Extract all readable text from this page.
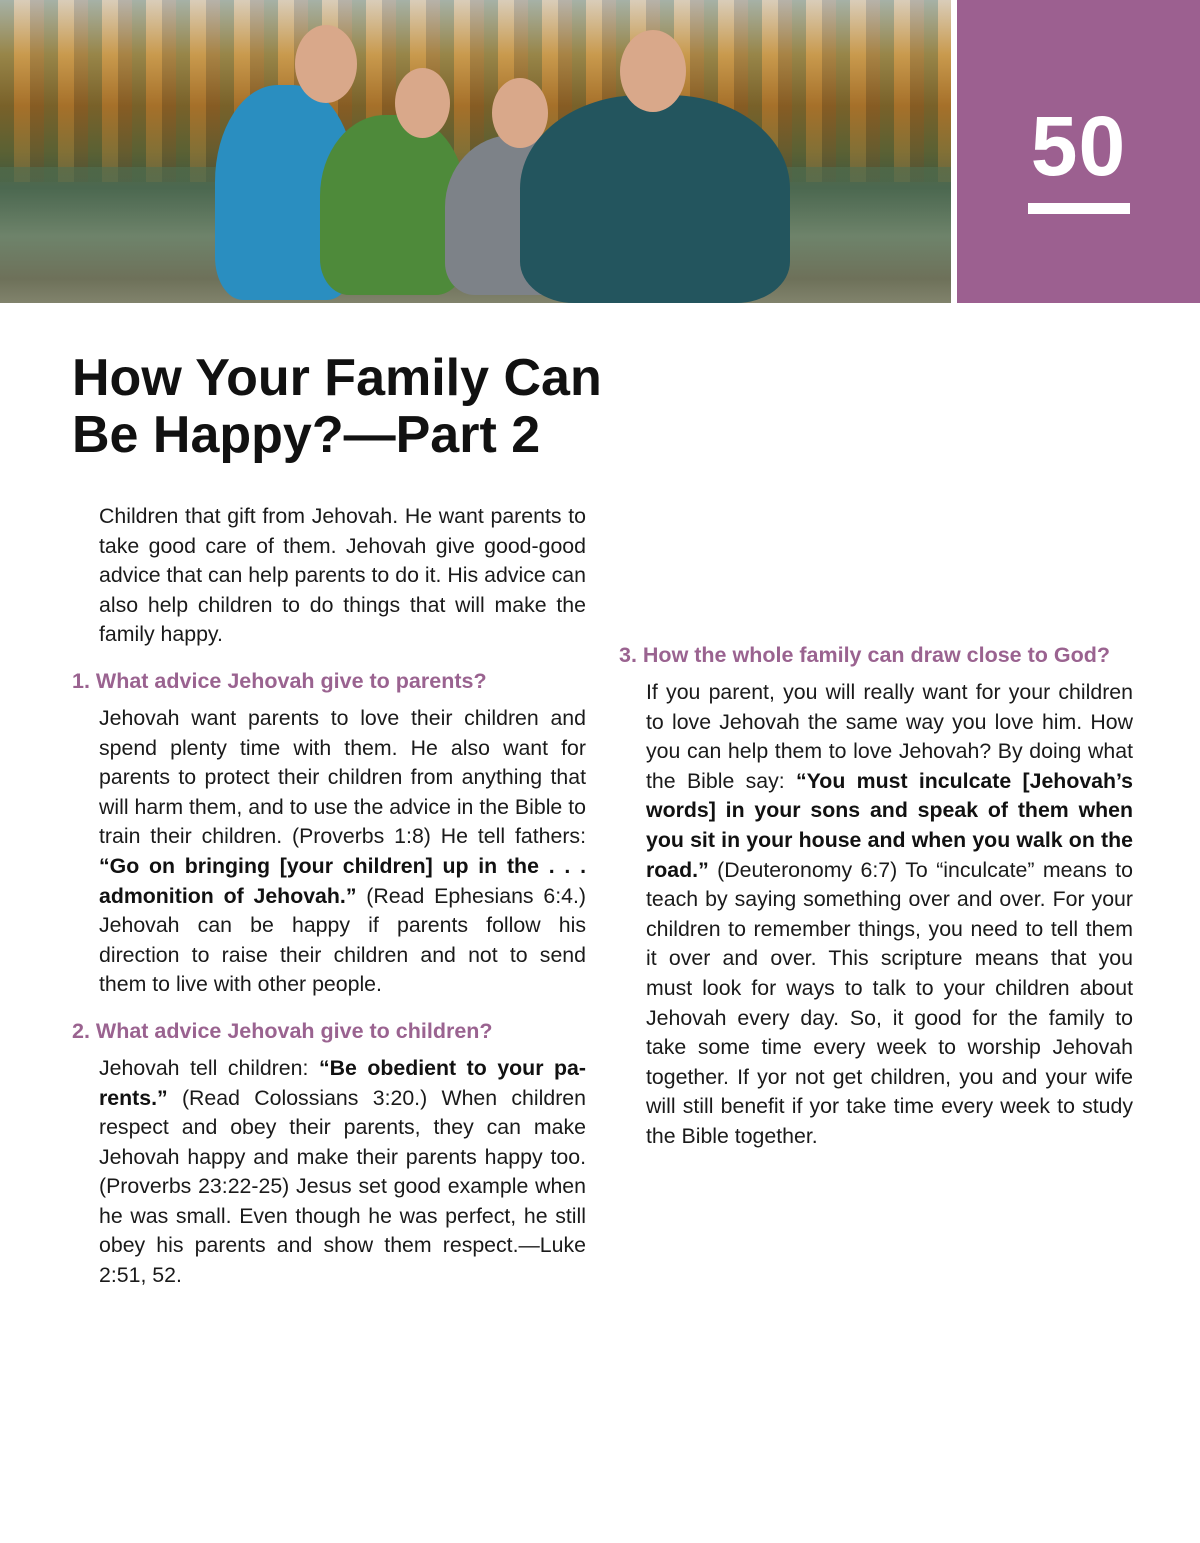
50
How Your Family Can Be Happy?—Part 2

Children that gift from Jehovah. He want parents to take good care of them. Jehovah give good-good advice that can help parents to do it. His advice can also help children to do things that will make the family happy.

1. What advice Jehovah give to parents?

Jehovah want parents to love their children and spend plenty time with them. He also want for parents to protect their children from anything that will harm them, and to use the advice in the Bible to train their children. (Proverbs 1:8) He tell fathers: “Go on bringing [your children] up in the . . . admonition of Jehovah.” (Read Ephesians 6:4.) Jehovah can be happy if parents follow his direction to raise their children and not to send them to live with other people.

2. What advice Jehovah give to children?

Jehovah tell children: “Be obedient to your parents.” (Read Colossians 3:20.) When children respect and obey their parents, they can make Jehovah happy and make their parents happy too. (Proverbs 23:22-25) Jesus set good example when he was small. Even though he was perfect, he still obey his parents and show them respect.—Luke 2:51, 52.

3. How the whole family can draw close to God?

If you parent, you will really want for your children to love Jehovah the same way you love him. How you can help them to love Jehovah? By doing what the Bible say: “You must inculcate [Jehovah’s words] in your sons and speak of them when you sit in your house and when you walk on the road.” (Deuteronomy 6:7) To “inculcate” means to teach by saying something over and over. For your children to remember things, you need to tell them it over and over. This scripture means that you must look for ways to talk to your children about Jehovah every day. So, it good for the family to take some time every week to worship Jehovah together. If yor not get children, you and your wife will still benefit if yor take time every week to study the Bible together.
